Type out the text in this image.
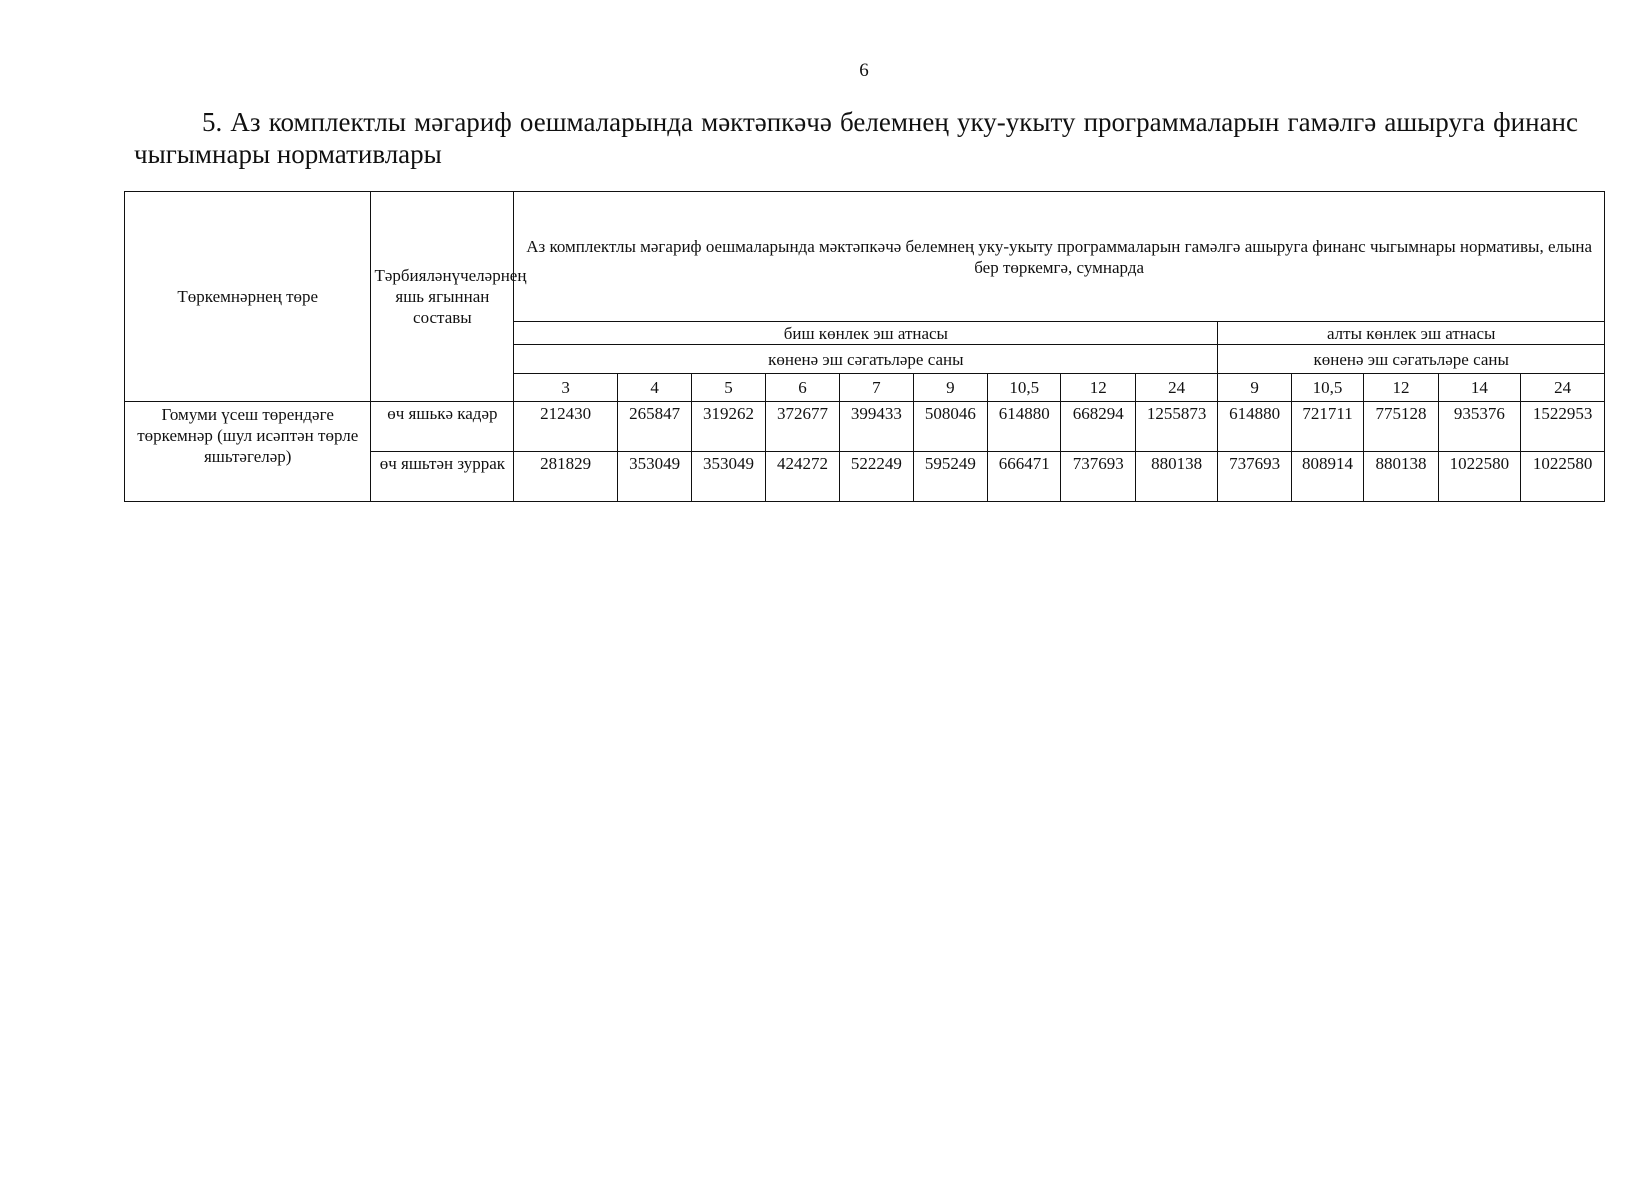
6
5. Аз комплектлы мәгариф оешмаларында мәктәпкәчә белемнең уку-укыту программаларын гамәлгә ашыруга финанс чыгымнары нормативлары
Төркемнәрнең төре	Тәрбияләнүчеләрнең яшь ягыннан составы	Аз комплектлы мәгариф оешмаларында мәктәпкәчә белемнең уку-укыту программаларын гамәлгә ашыруга финанс чыгымнары нормативы, елына бер төркемгә, сумнарда													
		биш көнлек эш атнасы									алты көнлек эш атнасы				
		көненә эш сәгатьләре саны									көненә эш сәгатьләре саны				
		3	4	5	6	7	9	10,5	12	24	9	10,5	12	14	24

Гомуми үсеш төрендәге төркемнәр (шул исәптән төрле яшьтәгеләр)	өч яшькә кадәр	212430	265847	319262	372677	399433	508046	614880	668294	1255873	614880	721711	775128	935376	1522953
	өч яшьтән зуррак	281829	353049	353049	424272	522249	595249	666471	737693	880138	737693	808914	880138	1022580	1022580
